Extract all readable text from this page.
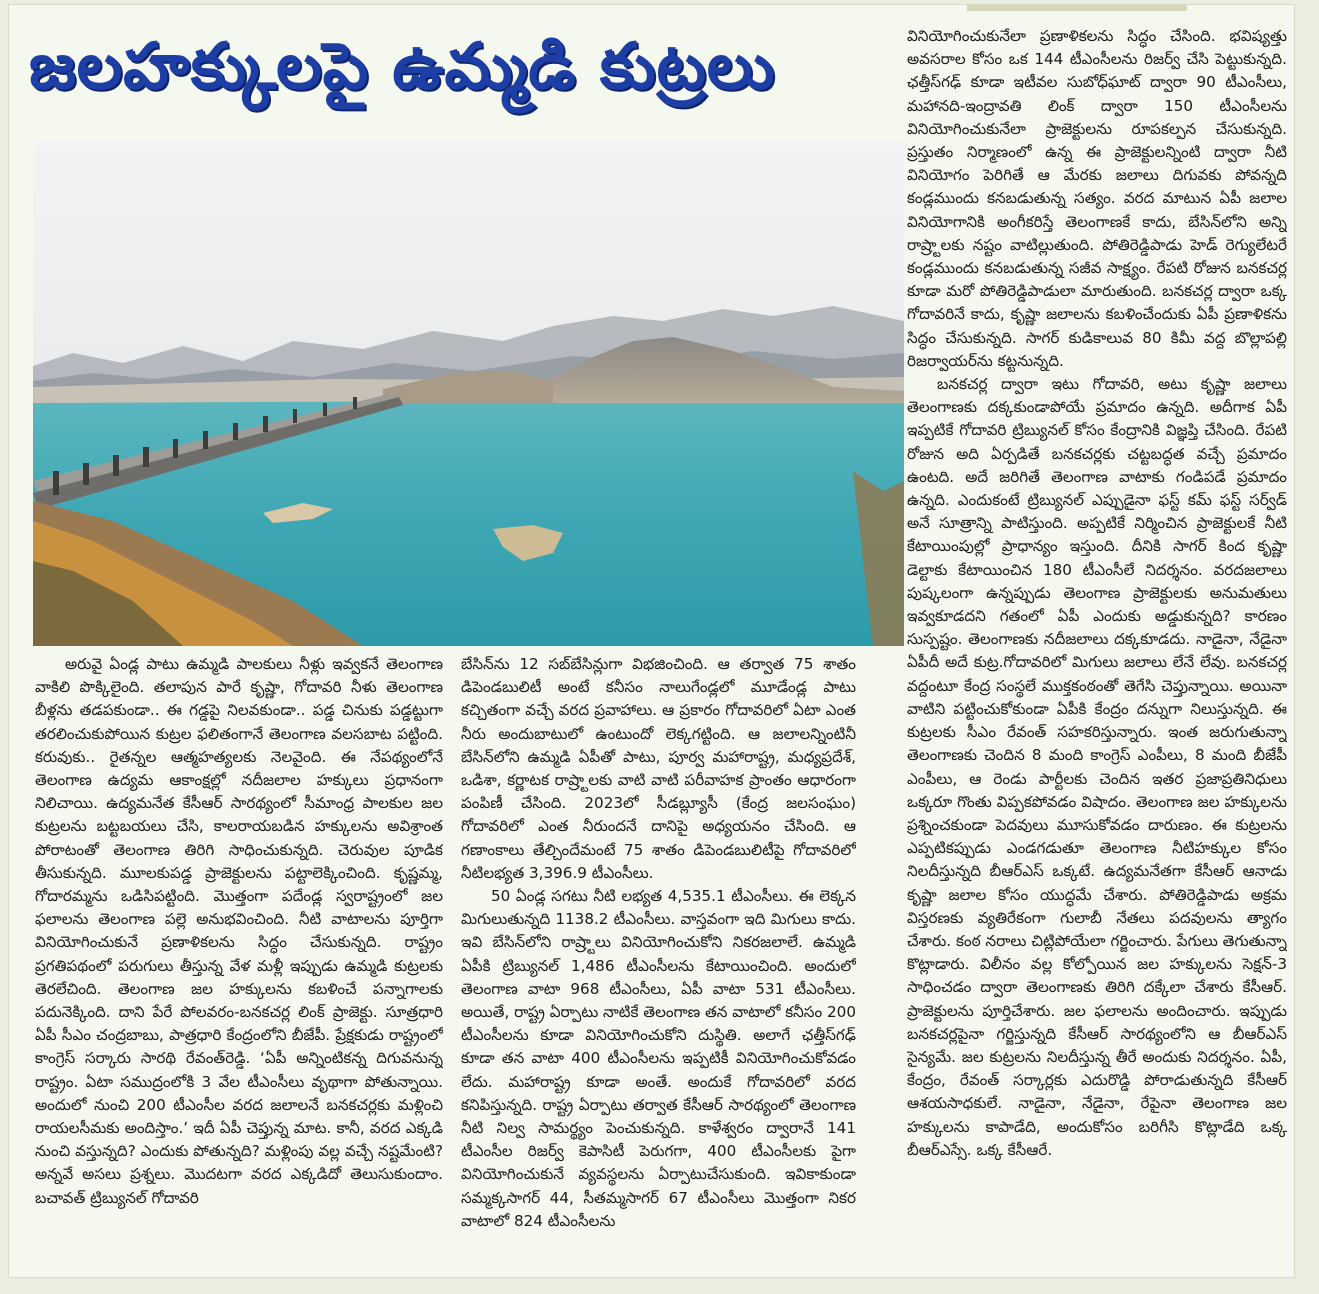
జలహక్కులపై ఉమ్మడి కుట్రలు

అరువై ఏండ్ల పాటు ఉమ్మడి పాలకులు నీళ్లు ఇవ్వకనే తెలంగాణ వాకిలి పొక్కిలైంది. తలాపున పారే కృష్ణా, గోదావరి నీళు తెలంగాణ బీళ్లను తడపకుండా.. ఈ గడ్డపై నిలవకుండా.. పడ్డ చినుకు పడ్డట్టుగా తరలించుకుపోయిన కుట్రల ఫలితంగానే తెలంగాణ వలసబాట పట్టింది. కరువుకు.. రైతన్నల ఆత్మహత్యలకు నెలవైంది. ఈ నేపథ్యంలోనే తెలంగాణ ఉద్యమ ఆకాంక్షల్లో నదీజలాల హక్కులు ప్రధానంగా నిలిచాయి. ఉద్యమనేత కేసీఆర్ సారథ్యంలో సీమాంధ్ర పాలకుల జల కుట్రలను బట్టబయలు చేసి, కాలరాయబడిన హక్కులను అవిశ్రాంత పోరాటంతో తెలంగాణ తిరిగి సాధించుకున్నది. చెరువుల పూడిక తీసుకున్నది. మూలకుపడ్డ ప్రాజెక్టులను పట్టాలెక్కించింది. కృష్ణమ్మ, గోదారమ్మను ఒడిసిపట్టింది. మొత్తంగా పదేండ్ల స్వరాష్ట్రంలో జల ఫలాలను తెలంగాణ పల్లె అనుభవించింది. నీటి వాటాలను పూర్తిగా వినియోగించుకునే ప్రణాళికలను సిద్ధం చేసుకున్నది. రాష్ట్రం ప్రగతిపథంలో పరుగులు తీస్తున్న వేళ మళ్లీ ఇప్పుడు ఉమ్మడి కుట్రలకు తెరలేచింది. తెలంగాణ జల హక్కులను కబళించే పన్నాగాలకు పదునెక్కింది. దాని పేరే పోలవరం-బనకచర్ల లింక్ ప్రాజెక్టు. సూత్రధారి ఏపీ సీఎం చంద్రబాబు, పాత్రధారి కేంద్రంలోని బీజేపీ. ప్రేక్షకుడు రాష్ట్రంలో కాంగ్రెస్ సర్కారు సారథి రేవంత్‌రెడ్డి. ‘ఏపీ అన్నింటికన్న దిగువనున్న రాష్ట్రం. ఏటా సముద్రంలోకి 3 వేల టీఎంసీలు వృథాగా పోతున్నాయి. అందులో నుంచి 200 టీఎంసీల వరద జలాలనే బనకచర్లకు మళ్లించి రాయలసీమకు అందిస్తాం.’ ఇదీ ఏపీ చెప్తున్న మాట. కానీ, వరద ఎక్కడి నుంచి వస్తున్నది? ఎందుకు పోతున్నది? మళ్లింపు వల్ల వచ్చే నష్టమేంటి? అన్నవే అసలు ప్రశ్నలు. మొదటగా వరద ఎక్కడిదో తెలుసుకుందాం. బచావత్ ట్రిబ్యునల్ గోదావరి

బేసిన్‌ను 12 సబ్‌బేసిన్లుగా విభజించింది. ఆ తర్వాత 75 శాతం డిపెండబులిటీ అంటే కనీసం నాలుగేండ్లలో మూడేండ్ల పాటు కచ్చితంగా వచ్చే వరద ప్రవాహాలు. ఆ ప్రకారం గోదావరిలో ఏటా ఎంత నీరు అందుబాటులో ఉంటుందో లెక్కగట్టింది. ఆ జలాలన్నింటినీ బేసిన్‌లోని ఉమ్మడి ఏపీతో పాటు, పూర్వ మహారాష్ట్ర, మధ్యప్రదేశ్, ఒడిశా, కర్ణాటక రాష్ర్టాలకు వాటి వాటి పరీవాహక ప్రాంతం ఆధారంగా పంపిణీ చేసింది. 2023లో సీడబ్ల్యూసీ (కేంద్ర జలసంఘం) గోదావరిలో ఎంత నీరుందనే దానిపై అధ్యయనం చేసింది. ఆ గణాంకాలు తేల్చిందేమంటే 75 శాతం డిపెండబులిటీపై గోదావరిలో నీటిలభ్యత 3,396.9 టీఎంసీలు.

50 ఏండ్ల సగటు నీటి లభ్యత 4,535.1 టీఎంసీలు. ఈ లెక్కన మిగులుతున్నది 1138.2 టీఎంసీలు. వాస్తవంగా ఇది మిగులు కాదు. ఇవి బేసిన్‌లోని రాష్ర్టాలు వినియోగించుకోని నికరజలాలే. ఉమ్మడి ఏపీకి ట్రిబ్యునల్ 1,486 టీఎంసీలను కేటాయించింది. అందులో తెలంగాణ వాటా 968 టీఎంసీలు, ఏపీ వాటా 531 టీఎంసీలు. అయితే, రాష్ట్ర ఏర్పాటు నాటికే తెలంగాణ తన వాటాలో కనీసం 200 టీఎంసీలను కూడా వినియోగించుకోని దుస్థితి. అలాగే ఛత్తీస్‌గఢ్ కూడా తన వాటా 400 టీఎంసీలను ఇప్పటికీ వినియోగించుకోవడం లేదు. మహారాష్ట్ర కూడా అంతే. అందుకే గోదావరిలో వరద కనిపిస్తున్నది. రాష్ట్ర ఏర్పాటు తర్వాత కేసీఆర్ సారథ్యంలో తెలంగాణ నీటి నిల్వ సామర్థ్యం పెంచుకున్నది. కాళేశ్వరం ద్వారానే 141 టీఎంసీల రిజర్వ్ కెపాసిటీ పెరుగగా, 400 టీఎంసీలకు పైగా వినియోగించుకునే వ్యవస్థలను ఏర్పాటుచేసుకుంది. ఇవికాకుండా సమ్మక్కసాగర్ 44, సీతమ్మసాగర్ 67 టీఎంసీలు మొత్తంగా నికర వాటాలో 824 టీఎంసీలను

వినియోగించుకునేలా ప్రణాళికలను సిద్ధం చేసింది. భవిష్యత్తు అవసరాల కోసం ఒక 144 టీఎంసీలను రిజర్వ్ చేసి పెట్టుకున్నది. ఛత్తీస్‌గఢ్ కూడా ఇటీవల సుబోధ్‌ఘాట్ ద్వారా 90 టీఎంసీలు, మహానది-ఇంద్రావతి లింక్ ద్వారా 150 టీఎంసీలను వినియోగించుకునేలా ప్రాజెక్టులను రూపకల్పన చేసుకున్నది. ప్రస్తుతం నిర్మాణంలో ఉన్న ఈ ప్రాజెక్టులన్నింటి ద్వారా నీటి వినియోగం పెరిగితే ఆ మేరకు జలాలు దిగువకు పోవన్నది కండ్లముందు కనబడుతున్న సత్యం. వరద మాటున ఏపీ జలాల వినియోగానికి అంగీకరిస్తే తెలంగాణకే కాదు, బేసిన్‌లోని అన్ని రాష్ర్టాలకు నష్టం వాటిల్లుతుంది. పోతిరెడ్డిపాడు హెడ్ రెగ్యులేటరే కండ్లముందు కనబడుతున్న సజీవ సాక్ష్యం. రేపటి రోజున బనకచర్ల కూడా మరో పోతిరెడ్డిపాడులా మారుతుంది. బనకచర్ల ద్వారా ఒక్క గోదావరినే కాదు, కృష్ణా జలాలను కబళించేందుకు ఏపీ ప్రణాళికను సిద్ధం చేసుకున్నది. సాగర్ కుడికాలువ 80 కిమీ వద్ద బొల్లాపల్లి రిజర్వాయర్‌ను కట్టనున్నది.

బనకచర్ల ద్వారా ఇటు గోదావరి, అటు కృష్ణా జలాలు తెలంగాణకు దక్కకుండాపోయే ప్రమాదం ఉన్నది. అదీగాక ఏపీ ఇప్పటికే గోదావరి ట్రిబ్యునల్ కోసం కేంద్రానికి విజ్ఞప్తి చేసింది. రేపటి రోజున అది ఏర్పడితే బనకచర్లకు చట్టబద్ధత వచ్చే ప్రమాదం ఉంటది. అదే జరిగితే తెలంగాణ వాటాకు గండిపడే ప్రమాదం ఉన్నది. ఎందుకంటే ట్రిబ్యునల్ ఎప్పుడైనా ఫస్ట్ కమ్ ఫస్ట్ సర్వ్‌డ్ అనే సూత్రాన్ని పాటిస్తుంది. అప్పటికే నిర్మించిన ప్రాజెక్టులకే నీటి కేటాయింపుల్లో ప్రాధాన్యం ఇస్తుంది. దీనికి సాగర్ కింద కృష్ణా డెల్టాకు కేటాయించిన 180 టీఎంసీలే నిదర్శనం. వరదజలాలు పుష్కలంగా ఉన్నప్పుడు తెలంగాణ ప్రాజెక్టులకు అనుమతులు ఇవ్వకూడదని గతంలో ఏపీ ఎందుకు అడ్డుకున్నది? కారణం సుస్పష్టం. తెలంగాణకు నదీజలాలు దక్కకూడదు. నాడైనా, నేడైనా ఏపీదీ అదే కుట్ర.గోదావరిలో మిగులు జలాలు లేనే లేవు. బనకచర్ల వద్దంటూ కేంద్ర సంస్థలే ముక్తకంఠంతో తెగేసి చెప్తున్నాయి. అయినా వాటిని పట్టించుకోకుండా ఏపీకి కేంద్రం దన్నుగా నిలుస్తున్నది. ఈ కుట్రలకు సీఎం రేవంత్ సహకరిస్తున్నారు. ఇంత జరుగుతున్నా తెలంగాణకు చెందిన 8 మంది కాంగ్రెస్ ఎంపీలు, 8 మంది బీజేపీ ఎంపీలు, ఆ రెండు పార్టీలకు చెందిన ఇతర ప్రజాప్రతినిధులు ఒక్కరూ గొంతు విప్పకపోవడం విషాదం. తెలంగాణ జల హక్కులను ప్రశ్నించకుండా పెదవులు మూసుకోవడం దారుణం. ఈ కుట్రలను ఎప్పటికప్పుడు ఎండగడుతూ తెలంగాణ నీటిహక్కుల కోసం నిలదీస్తున్నది బీఆర్‌ఎస్ ఒక్కటే. ఉద్యమనేతగా కేసీఆర్ ఆనాడు కృష్ణా జలాల కోసం యుద్ధమే చేశారు. పోతిరెడ్డిపాడు అక్రమ విస్తరణకు వ్యతిరేకంగా గులాబీ నేతలు పదవులను త్యాగం చేశారు. కంఠ నరాలు చిట్లిపోయేలా గర్జించారు. పేగులు తెగుతున్నా కొట్లాడారు. విలీనం వల్ల కోల్పోయిన జల హక్కులను సెక్షన్-3 సాధించడం ద్వారా తెలంగాణకు తిరిగి దక్కేలా చేశారు కేసీఆర్. ప్రాజెక్టులను పూర్తిచేశారు. జల ఫలాలను అందించారు. ఇప్పుడు బనకచర్లపైనా గర్జిస్తున్నది కేసీఆర్ సారథ్యంలోని ఆ బీఆర్‌ఎస్ సైన్యమే. జల కుట్రలను నిలదీస్తున్న తీరే అందుకు నిదర్శనం. ఏపీ, కేంద్రం, రేవంత్ సర్కార్లకు ఎదురొడ్డి పోరాడుతున్నది కేసీఆర్ ఆశయసాధకులే. నాడైనా, నేడైనా, రేపైనా తెలంగాణ జల హక్కులను కాపాడేది, అందుకోసం బరిగీసి కొట్లాడేది ఒక్క బీఆర్‌ఎస్సే. ఒక్క కేసీఆరే.
